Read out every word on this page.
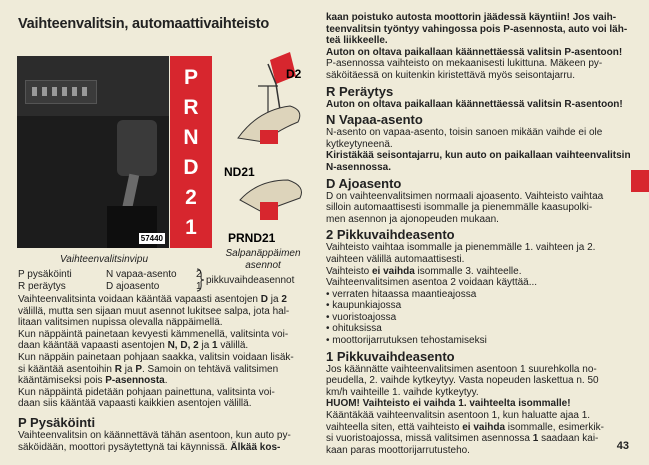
Vaihteenvalitsin, automaattivaihteisto
57440
P
R
N
D
2
1
D2
ND21
PRND21
Vaihteenvalitsinvipu
Salpanäppäimen
asennot
P pysäköinti	N vapaa-asento 2
R peräytys	D ajoasento	1
pikkuvaihdeasennot
Vaihteenvalitsinta voidaan kääntää vapaasti asentojen D ja 2
välillä, mutta sen sijaan muut asennot lukitsee salpa, jota hal-
litaan valitsimen nupissa olevalla näppäimellä.
Kun näppäintä painetaan kevyesti kämmenellä, valitsinta voi-
daan kääntää vapaasti asentojen N, D, 2 ja 1 välillä.
Kun näppäin painetaan pohjaan saakka, valitsin voidaan lisäk-
si kääntää asentoihin R ja P. Samoin on tehtävä valitsimen
kääntämiseksi pois P-asennosta.
Kun näppäintä pidetään pohjaan painettuna, valitsinta voi-
daan siis kääntää vapaasti kaikkien asentojen välillä.
P Pysäköinti
Vaihteenvalitsin on käännettävä tähän asentoon, kun auto py-
säköidään, moottori pysäytettynä tai käynnissä. Älkää kos-
kaan poistuko autosta moottorin jäädessä käyntiin! Jos vaih-
teenvalitsin työntyy vahingossa pois P-asennosta, auto voi läh-
teä liikkeelle.
Auton on oltava paikallaan käännettäessä valitsin P-asentoon!
P-asennossa vaihteisto on mekaanisesti lukittuna. Mäkeen py-
säköitäessä on kuitenkin kiristettävä myös seisontajarru.
R Peräytys
Auton on oltava paikallaan käännettäessä valitsin R-asentoon!
N Vapaa-asento
N-asento on vapaa-asento, toisin sanoen mikään vaihde ei ole
kytkeytyneenä.
Kiristäkää seisontajarru, kun auto on paikallaan vaihteenvalitsin
N-asennossa.
D Ajoasento
D on vaihteenvalitsimen normaali ajoasento. Vaihteisto vaihtaa
silloin automaattisesti isommalle ja pienemmälle kaasupolki-
men asennon ja ajonopeuden mukaan.
2 Pikkuvaihdeasento
Vaihteisto vaihtaa isommalle ja pienemmälle 1. vaihteen ja 2.
vaihteen välillä automaattisesti.
Vaihteisto ei vaihda isommalle 3. vaihteelle.
Vaihteenvalitsimen asentoa 2 voidaan käyttää...
• verraten hitaassa maantieajossa
• kaupunkiajossa
• vuoristoajossa
• ohituksissa
• moottorijarrutuksen tehostamiseksi
1 Pikkuvaihdeasento
Jos käännätte vaihteenvalitsimen asentoon 1 suurehkolla no-
peudella, 2. vaihde kytkeytyy. Vasta nopeuden laskettua n. 50
km/h vaihteille 1. vaihde kytkeytyy.
HUOM! Vaihteisto ei vaihda 1. vaihteelta isommalle!
Kääntäkää vaihteenvalitsin asentoon 1, kun haluatte ajaa 1.
vaihteella siten, että vaihteisto ei vaihda isommalle, esimerkik-
si vuoristoajossa, missä valitsimen asennossa 1 saadaan kai-
kaan paras moottorijarrutusteho.	43
